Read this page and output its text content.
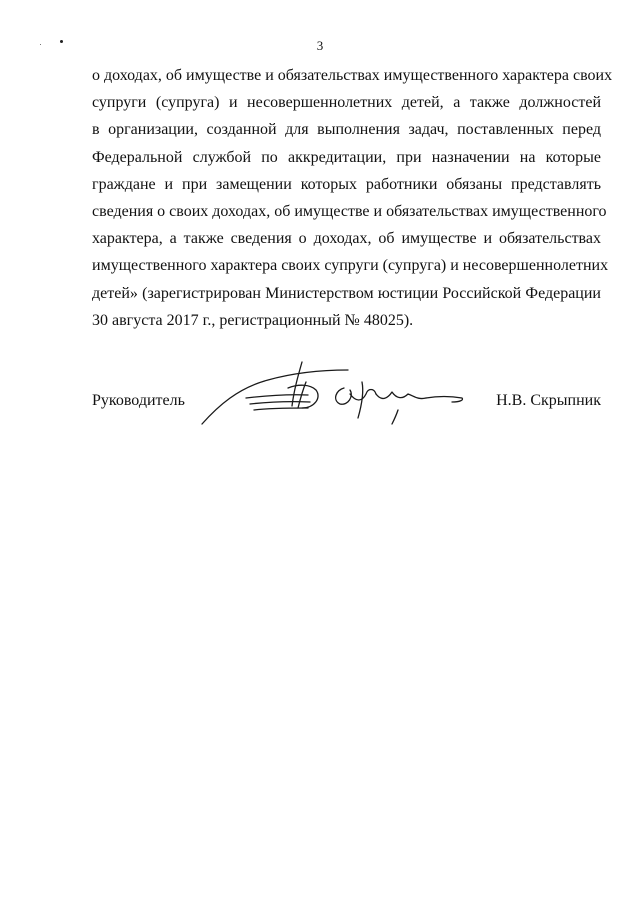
3
о доходах, об имуществе и обязательствах имущественного характера своих
супруги (супруга) и несовершеннолетних детей, а также должностей
в организации, созданной для выполнения задач, поставленных перед
Федеральной службой по аккредитации, при назначении на которые
граждане и при замещении которых работники обязаны представлять
сведения о своих доходах, об имуществе и обязательствах имущественного
характера, а также сведения о доходах, об имуществе и обязательствах
имущественного характера своих супруги (супруга) и несовершеннолетних
детей» (зарегистрирован Министерством юстиции Российской Федерации
30 августа 2017 г., регистрационный № 48025).
Руководитель	Н.В. Скрыпник
